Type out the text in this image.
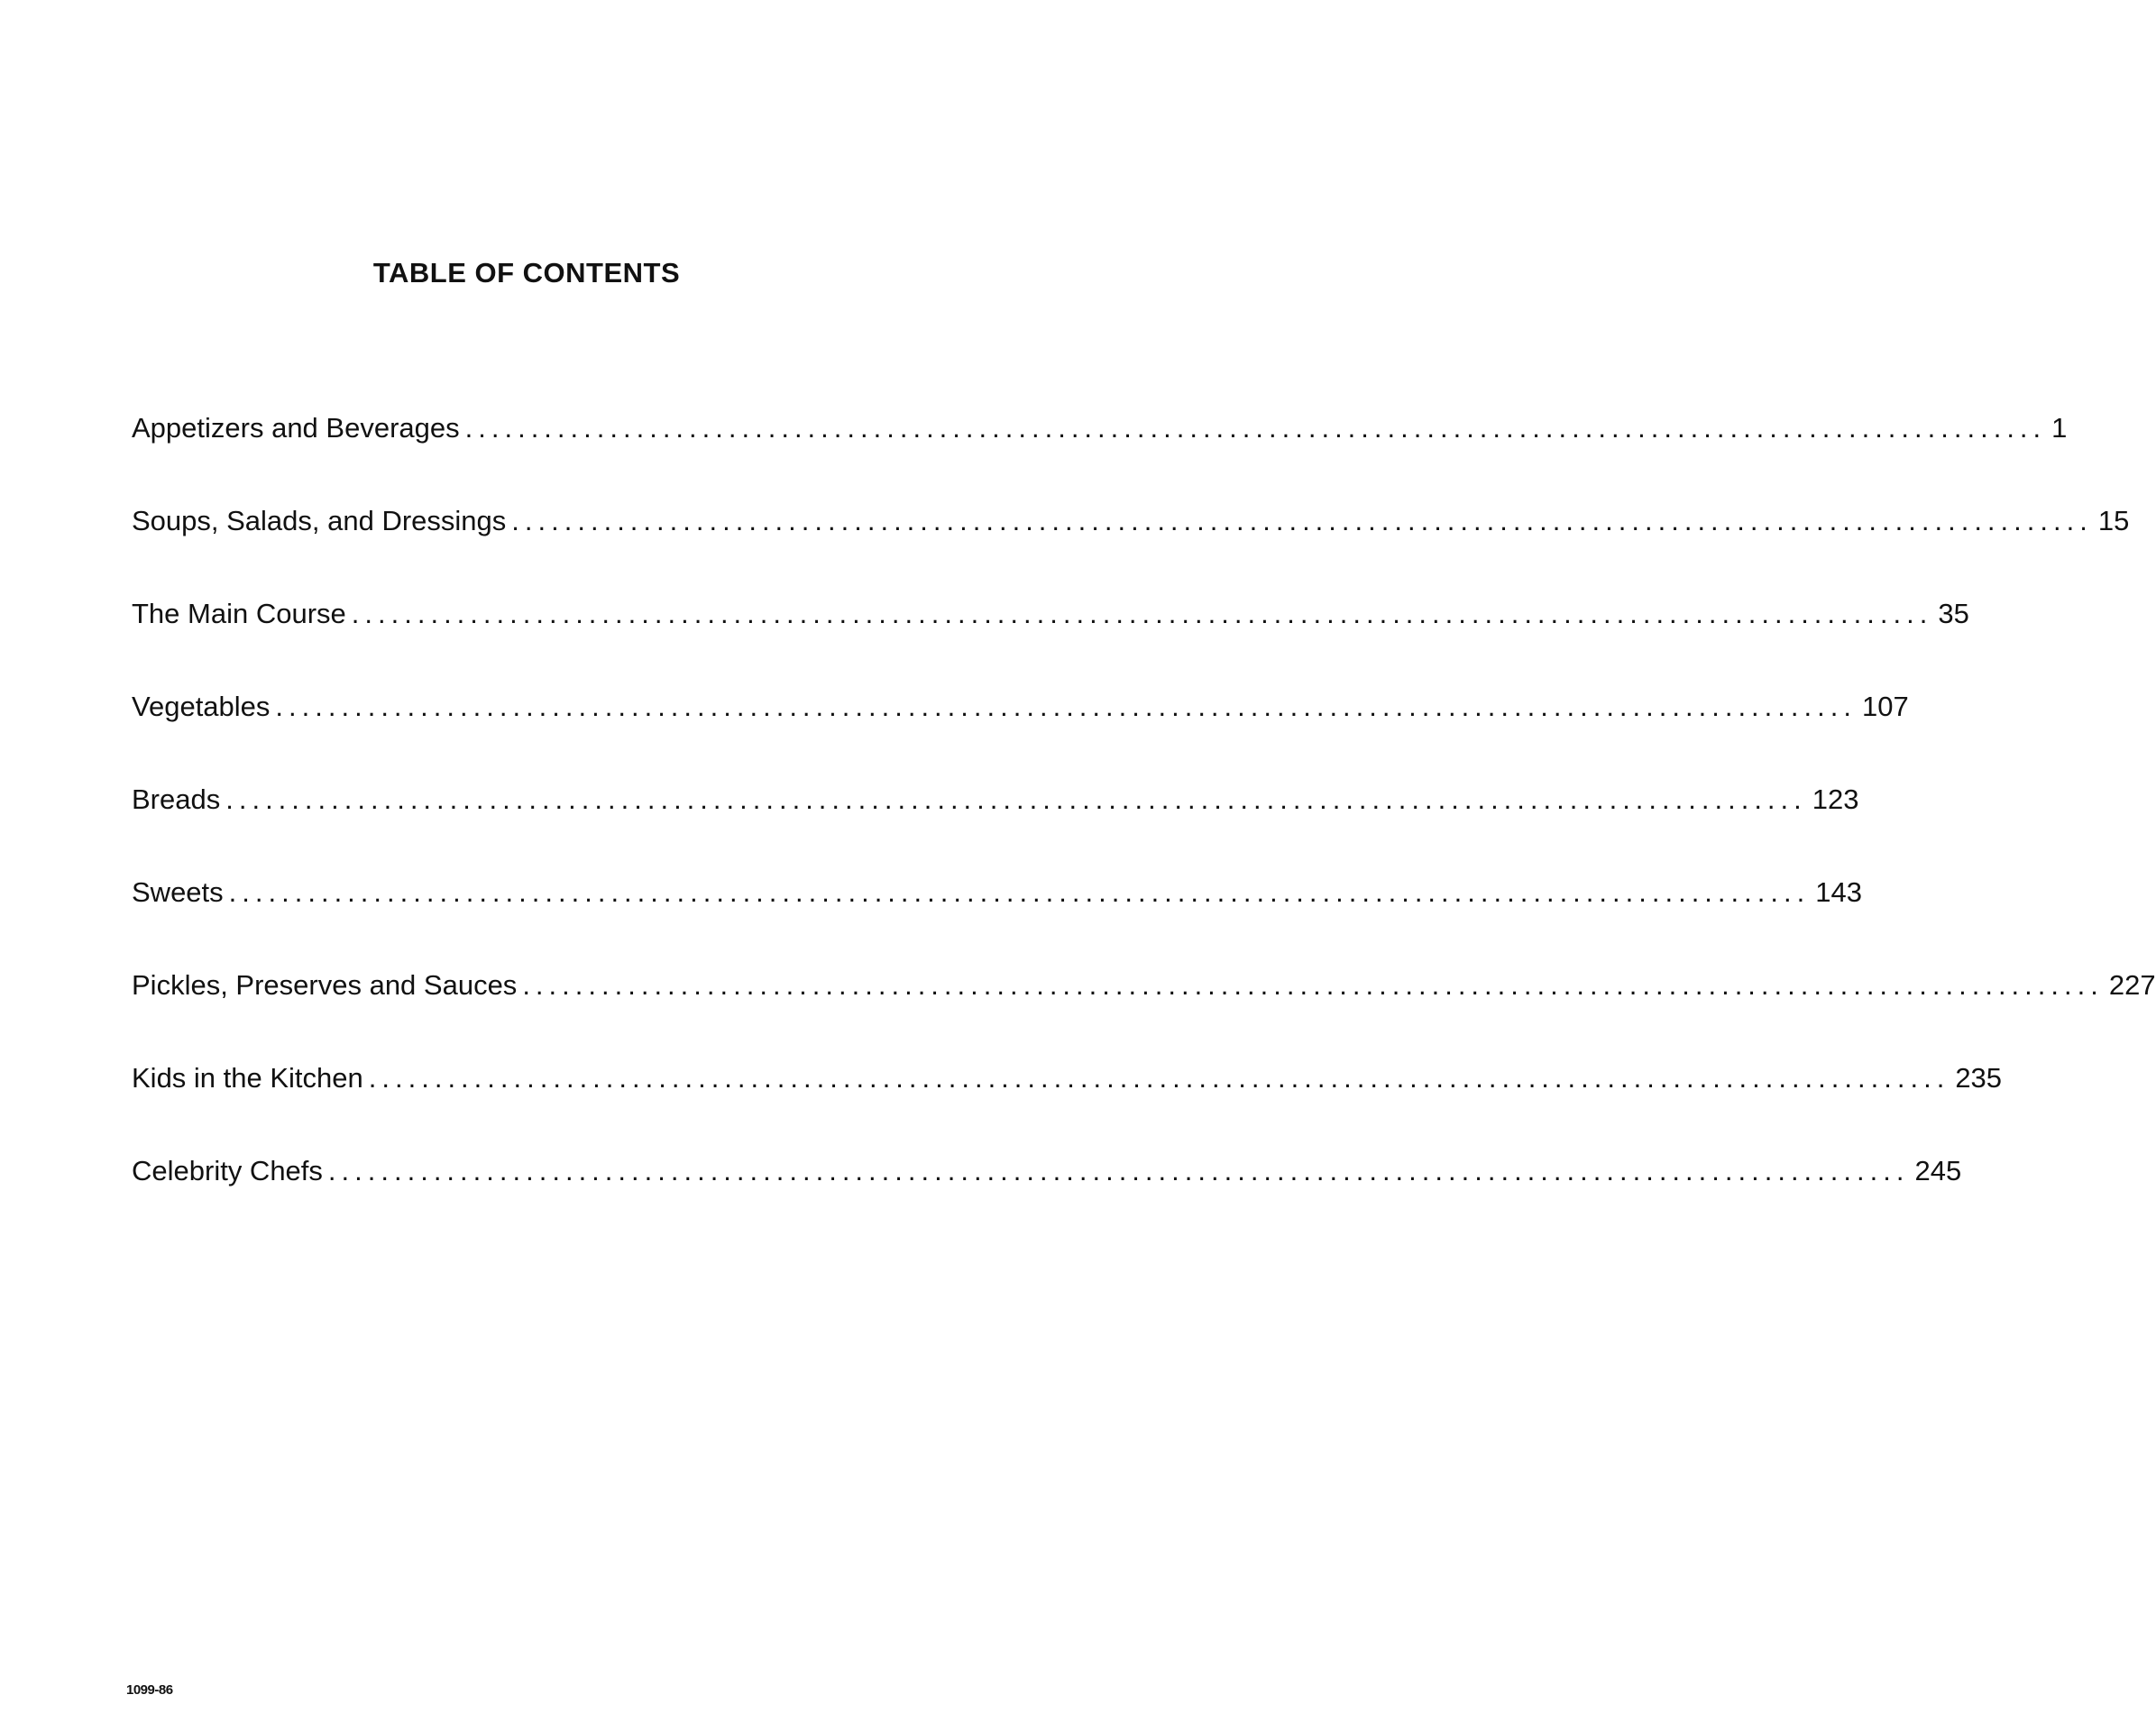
TABLE OF CONTENTS
Appetizers and Beverages ........................................................................................................................ 1
Soups, Salads, and Dressings ........................................................................................................................ 15
The Main Course ........................................................................................................................ 35
Vegetables ........................................................................................................................ 107
Breads ........................................................................................................................ 123
Sweets ........................................................................................................................ 143
Pickles, Preserves and Sauces ........................................................................................................................ 227
Kids in the Kitchen ........................................................................................................................ 235
Celebrity Chefs ........................................................................................................................ 245
1099-86
